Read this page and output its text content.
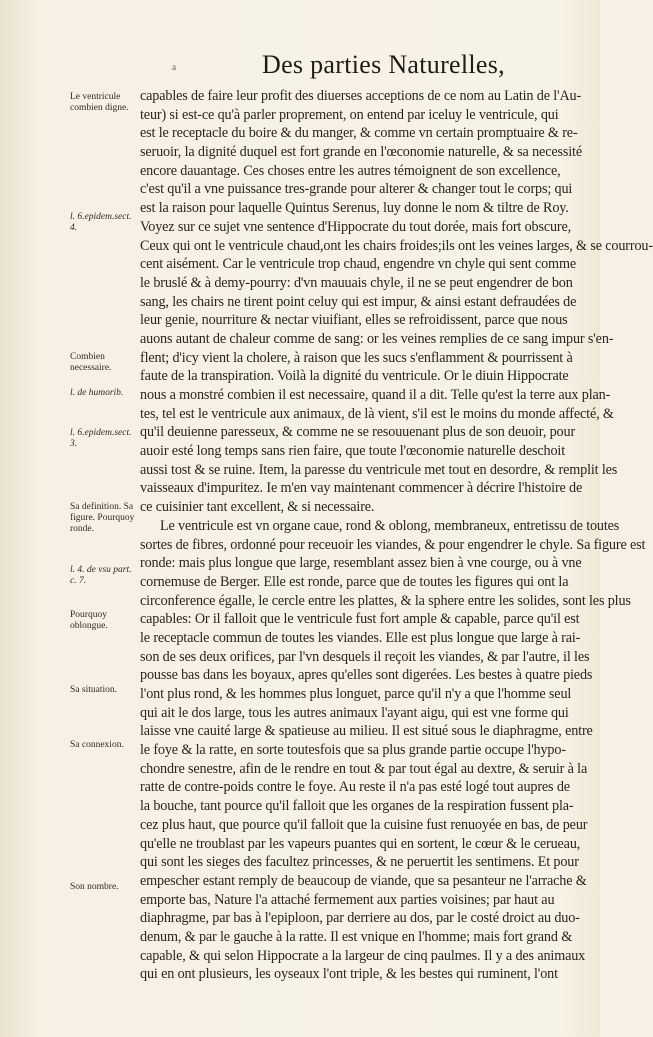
a	Des parties Naturelles,
Le ventricule combien digne.
l. 6.epidem.sect. 4.
Combien necessaire.
l. de humorib.
l. 6.epidem.sect. 3.
Sa definition. Sa figure. Pourquoy ronde.
l. 4. de vsu part. c. 7.
Pourquoy oblongue.
Sa situation.
Sa connexion.
Son nombre.
capables de faire leur profit des diuerses acceptions de ce nom au Latin de l'Au-
teur) si est-ce qu'à parler proprement, on entend par iceluy le ventricule, qui
est le receptacle du boire & du manger, & comme vn certain promptuaire & re-
seruoir, la dignité duquel est fort grande en l'œconomie naturelle, & sa necessité
encore dauantage. Ces choses entre les autres témoignent de son excellence,
c'est qu'il a vne puissance tres-grande pour alterer & changer tout le corps; qui
est la raison pour laquelle Quintus Serenus, luy donne le nom & tiltre de Roy.
Voyez sur ce sujet vne sentence d'Hippocrate du tout dorée, mais fort obscure,
Ceux qui ont le ventricule chaud,ont les chairs froides;ils ont les veines larges, & se courrou-
cent aisément. Car le ventricule trop chaud, engendre vn chyle qui sent comme
le bruslé & à demy-pourry: d'vn mauuais chyle, il ne se peut engendrer de bon
sang, les chairs ne tirent point celuy qui est impur, & ainsi estant defraudées de
leur genie, nourriture & nectar viuifiant, elles se refroidissent, parce que nous
auons autant de chaleur comme de sang: or les veines remplies de ce sang impur s'en-
flent; d'icy vient la cholere, à raison que les sucs s'enflamment & pourrissent à
faute de la transpiration. Voilà la dignité du ventricule. Or le diuin Hippocrate
nous a monstré combien il est necessaire, quand il a dit. Telle qu'est la terre aux plan-
tes, tel est le ventricule aux animaux, de là vient, s'il est le moins du monde affecté, &
qu'il deuienne paresseux, & comme ne se resouuenant plus de son deuoir, pour
auoir esté long temps sans rien faire, que toute l'œconomie naturelle deschoit
aussi tost & se ruine. Item, la paresse du ventricule met tout en desordre, & remplit les
vaisseaux d'impuritez. Ie m'en vay maintenant commencer à décrire l'histoire de
ce cuisinier tant excellent, & si necessaire.
Le ventricule est vn organe caue, rond & oblong, membraneux, entretissu de toutes
sortes de fibres, ordonné pour receuoir les viandes, & pour engendrer le chyle. Sa figure est
ronde: mais plus longue que large, resemblant assez bien à vne courge, ou à vne
cornemuse de Berger. Elle est ronde, parce que de toutes les figures qui ont la
circonference égalle, le cercle entre les plattes, & la sphere entre les solides, sont les plus
capables: Or il falloit que le ventricule fust fort ample & capable, parce qu'il est
le receptacle commun de toutes les viandes. Elle est plus longue que large à rai-
son de ses deux orifices, par l'vn desquels il reçoit les viandes, & par l'autre, il les
pousse bas dans les boyaux, apres qu'elles sont digerées. Les bestes à quatre pieds
l'ont plus rond, & les hommes plus longuet, parce qu'il n'y a que l'homme seul
qui ait le dos large, tous les autres animaux l'ayant aigu, qui est vne forme qui
laisse vne cauité large & spatieuse au milieu. Il est situé sous le diaphragme, entre
le foye & la ratte, en sorte toutesfois que sa plus grande partie occupe l'hypo-
chondre senestre, afin de le rendre en tout & par tout égal au dextre, & seruir à la
ratte de contre-poids contre le foye. Au reste il n'a pas esté logé tout aupres de
la bouche, tant pource qu'il falloit que les organes de la respiration fussent pla-
cez plus haut, que pource qu'il falloit que la cuisine fust renuoyée en bas, de peur
qu'elle ne troublast par les vapeurs puantes qui en sortent, le cœur & le cerueau,
qui sont les sieges des facultez princesses, & ne peruertit les sentimens. Et pour
empescher estant remply de beaucoup de viande, que sa pesanteur ne l'arrache &
emporte bas, Nature l'a attaché fermement aux parties voisines; par haut au
diaphragme, par bas à l'epiploon, par derriere au dos, par le costé droict au duo-
denum, & par le gauche à la ratte. Il est vnique en l'homme; mais fort grand &
capable, & qui selon Hippocrate a la largeur de cinq paulmes. Il y a des animaux
qui en ont plusieurs, les oyseaux l'ont triple, & les bestes qui ruminent, l'ont
